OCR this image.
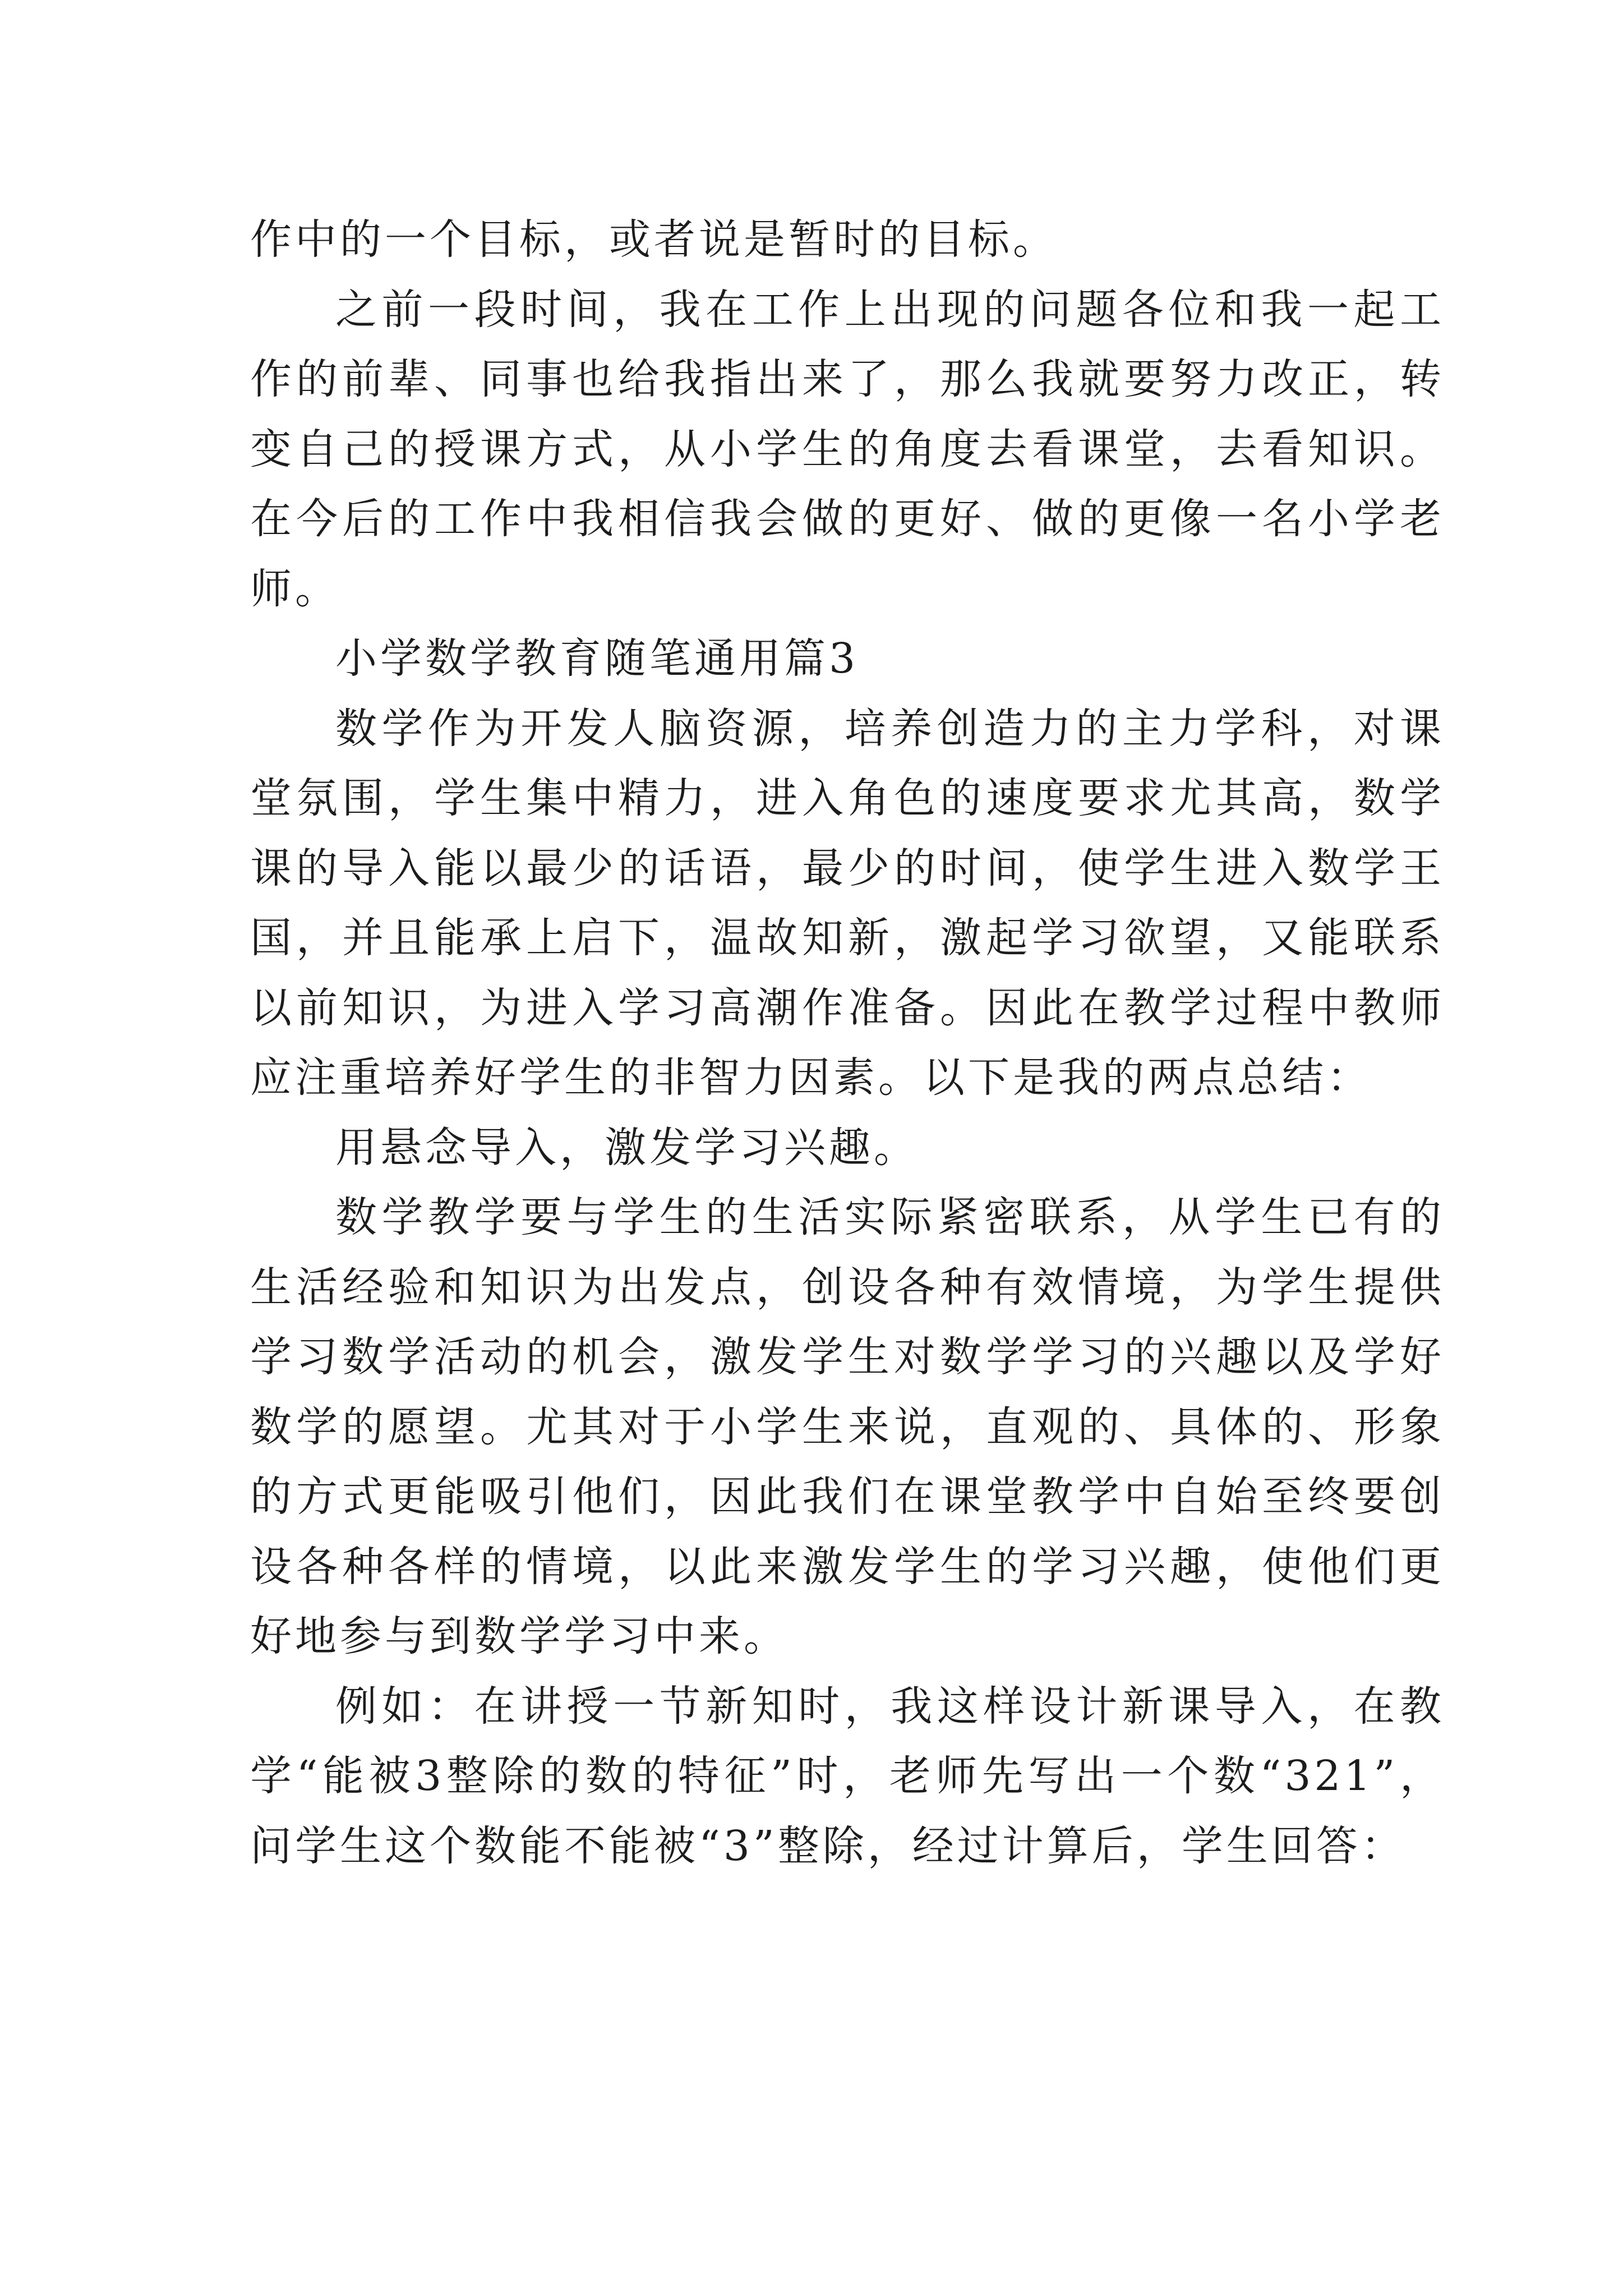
作中的一个目标，或者说是暂时的目标。

之前一段时间，我在工作上出现的问题各位和我一起工作的前辈、同事也给我指出来了，那么我就要努力改正，转变自己的授课方式，从小学生的角度去看课堂，去看知识。在今后的工作中我相信我会做的更好、做的更像一名小学老师。

小学数学教育随笔通用篇3

数学作为开发人脑资源，培养创造力的主力学科，对课堂氛围，学生集中精力，进入角色的速度要求尤其高，数学课的导入能以最少的话语，最少的时间，使学生进入数学王国，并且能承上启下，温故知新，激起学习欲望，又能联系以前知识，为进入学习高潮作准备。因此在教学过程中教师应注重培养好学生的非智力因素。以下是我的两点总结：

用悬念导入，激发学习兴趣。

数学教学要与学生的生活实际紧密联系，从学生已有的生活经验和知识为出发点，创设各种有效情境，为学生提供学习数学活动的机会，激发学生对数学学习的兴趣以及学好数学的愿望。尤其对于小学生来说，直观的、具体的、形象的方式更能吸引他们，因此我们在课堂教学中自始至终要创设各种各样的情境，以此来激发学生的学习兴趣，使他们更好地参与到数学学习中来。

例如：在讲授一节新知时，我这样设计新课导入，在教学“能被3整除的数的特征”时，老师先写出一个数“321”，问学生这个数能不能被“3”整除，经过计算后，学生回答：
